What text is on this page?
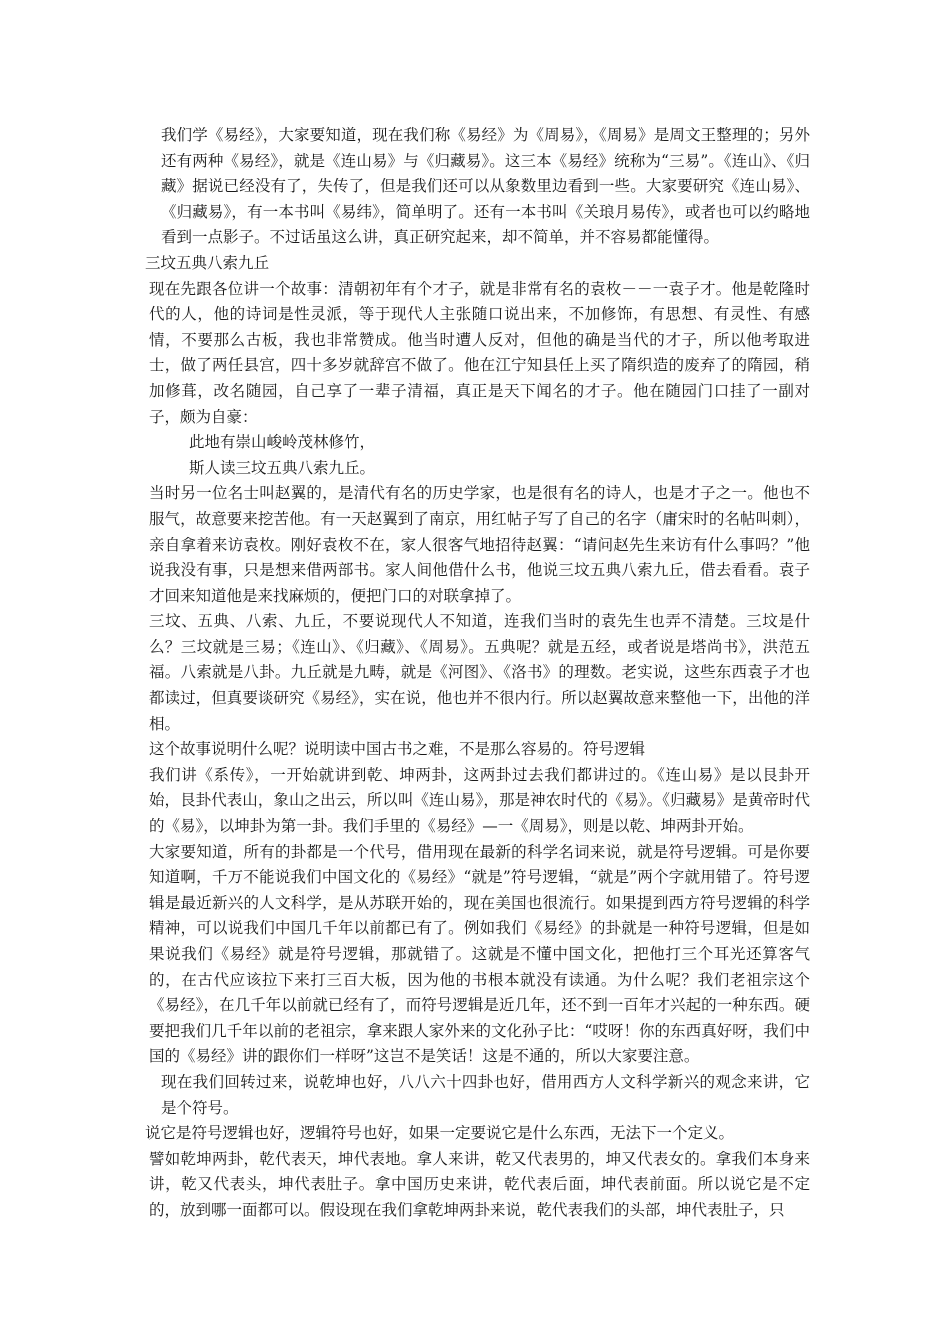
我们学《易经》，大家要知道，现在我们称《易经》为《周易》，《周易》是周文王整理的；另外还有两种《易经》，就是《连山易》与《归藏易》。这三本《易经》统称为“三易”。《连山》、《归藏》据说已经没有了，失传了，但是我们还可以从象数里边看到一些。大家要研究《连山易》、《归藏易》，有一本书叫《易纬》，简单明了。还有一本书叫《关琅月易传》，或者也可以约略地看到一点影子。不过话虽这么讲，真正研究起来，却不简单，并不容易都能懂得。

三坟五典八索九丘

现在先跟各位讲一个故事：清朝初年有个才子，就是非常有名的袁枚－－一袁子才。他是乾隆时代的人，他的诗词是性灵派，等于现代人主张随口说出来，不加修饰，有思想、有灵性、有感情，不要那么古板，我也非常赞成。他当时遭人反对，但他的确是当代的才子，所以他考取进士，做了两任县宫，四十多岁就辞宫不做了。他在江宁知县任上买了隋织造的废弃了的隋园，稍加修葺，改名随园，自己享了一辈子清福，真正是天下闻名的才子。他在随园门口挂了一副对子，颇为自豪：

此地有崇山峻岭茂林修竹，

斯人读三坟五典八索九丘。

当时另一位名士叫赵翼的，是清代有名的历史学家，也是很有名的诗人，也是才子之一。他也不服气，故意要来挖苦他。有一天赵翼到了南京，用红帖子写了自己的名字（庸宋时的名帖叫刺），亲自拿着来访袁枚。刚好袁枚不在，家人很客气地招待赵翼：“请问赵先生来访有什么事吗？”他说我没有事，只是想来借两部书。家人间他借什么书，他说三坟五典八索九丘，借去看看。袁子才回来知道他是来找麻烦的，便把门口的对联拿掉了。

三坟、五典、八索、九丘，不要说现代人不知道，连我们当时的袁先生也弄不清楚。三坟是什么？三坟就是三易；《连山》、《归藏》、《周易》。五典呢？就是五经，或者说是塔尚书》，洪范五福。八索就是八卦。九丘就是九畴，就是《河图》、《洛书》的理数。老实说，这些东西袁子才也都读过，但真要谈研究《易经》，实在说，他也并不很内行。所以赵翼故意来整他一下，出他的洋相。

这个故事说明什么呢？说明读中国古书之难，不是那么容易的。符号逻辑

我们讲《系传》，一开始就讲到乾、坤两卦，这两卦过去我们都讲过的。《连山易》是以艮卦开始，艮卦代表山，象山之出云，所以叫《连山易》，那是神农时代的《易》。《归藏易》是黄帝时代的《易》，以坤卦为第一卦。我们手里的《易经》—一《周易》，则是以乾、坤两卦开始。

大家要知道，所有的卦都是一个代号，借用现在最新的科学名词来说，就是符号逻辑。可是你要知道啊，千万不能说我们中国文化的《易经》“就是”符号逻辑，“就是”两个字就用错了。符号逻辑是最近新兴的人文科学，是从苏联开始的，现在美国也很流行。如果提到西方符号逻辑的科学精神，可以说我们中国几千年以前都已有了。例如我们《易经》的卦就是一种符号逻辑，但是如果说我们《易经》就是符号逻辑，那就错了。这就是不懂中国文化，把他打三个耳光还算客气的，在古代应该拉下来打三百大板，因为他的书根本就没有读通。为什么呢？我们老祖宗这个《易经》，在几千年以前就已经有了，而符号逻辑是近几年，还不到一百年才兴起的一种东西。硬要把我们几千年以前的老祖宗，拿来跟人家外来的文化孙子比：“哎呀！你的东西真好呀，我们中国的《易经》讲的跟你们一样呀”这岂不是笑话！这是不通的，所以大家要注意。

现在我们回转过来，说乾坤也好，八八六十四卦也好，借用西方人文科学新兴的观念来讲，它是个符号。

说它是符号逻辑也好，逻辑符号也好，如果一定要说它是什么东西，无法下一个定义。

譬如乾坤两卦，乾代表天，坤代表地。拿人来讲，乾又代表男的，坤又代表女的。拿我们本身来讲，乾又代表头，坤代表肚子。拿中国历史来讲，乾代表后面，坤代表前面。所以说它是不定的，放到哪一面都可以。假设现在我们拿乾坤两卦来说，乾代表我们的头部，坤代表肚子，只
